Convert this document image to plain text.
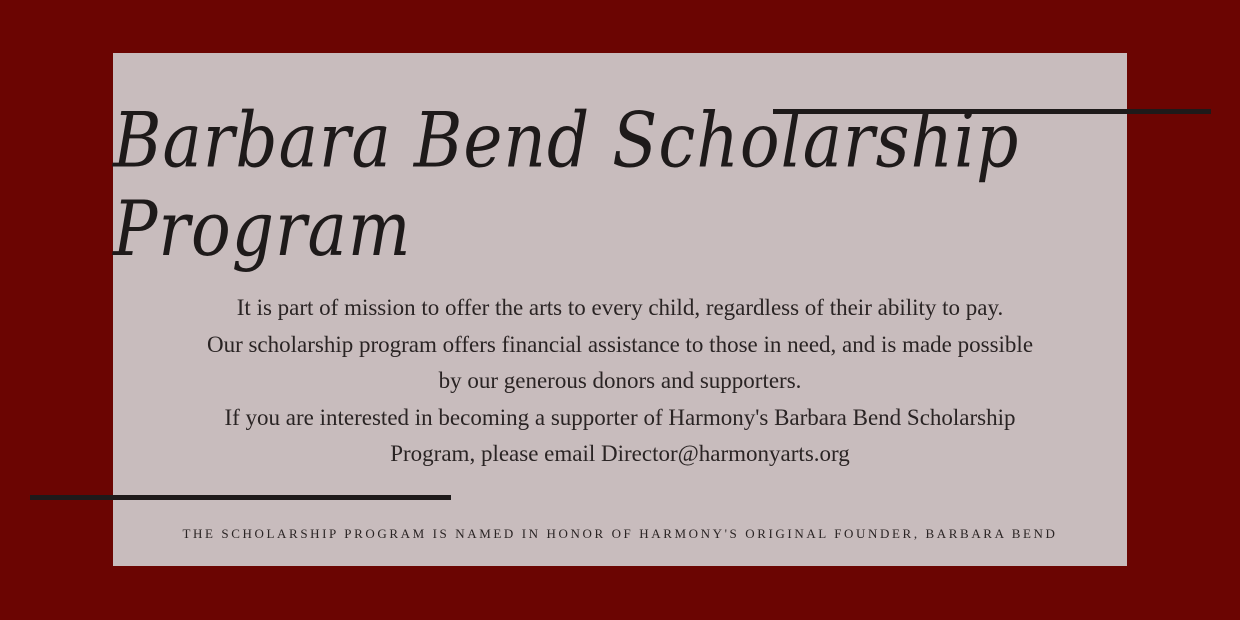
Barbara Bend Scholarship Program

It is part of mission to offer the arts to every child, regardless of their ability to pay.

Our scholarship program offers financial assistance to those in need, and is made possible

by our generous donors and supporters.

If you are interested in becoming a supporter of Harmony's Barbara Bend Scholarship

Program, please email Director@harmonyarts.org

THE SCHOLARSHIP PROGRAM IS NAMED IN HONOR OF HARMONY'S ORIGINAL FOUNDER, BARBARA BEND
